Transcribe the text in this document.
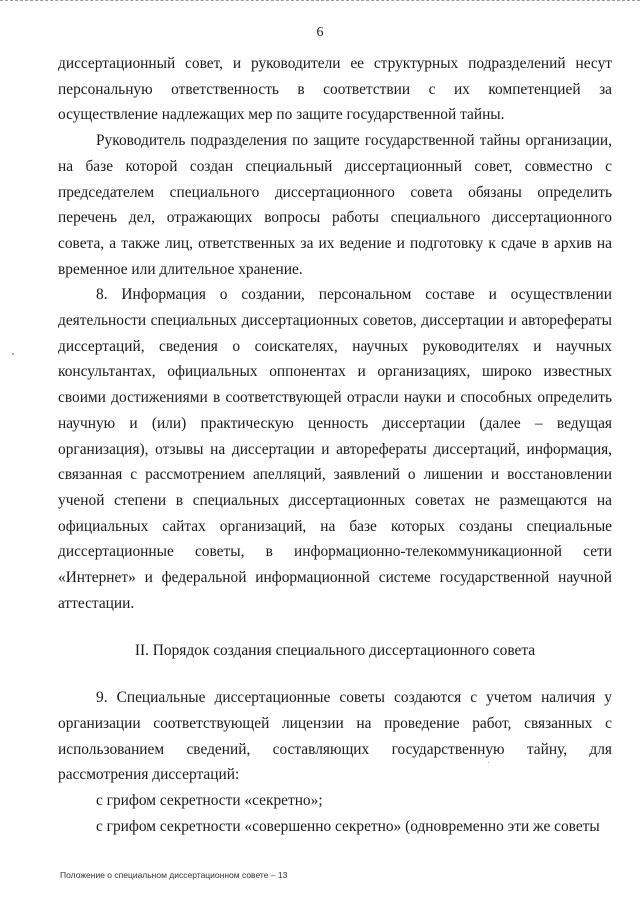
6

диссертационный совет, и руководители ее структурных подразделений несут персональную ответственность в соответствии с их компетенцией за осуществление надлежащих мер по защите государственной тайны.

Руководитель подразделения по защите государственной тайны организации, на базе которой создан специальный диссертационный совет, совместно с председателем специального диссертационного совета обязаны определить перечень дел, отражающих вопросы работы специального диссертационного совета, а также лиц, ответственных за их ведение и подготовку к сдаче в архив на временное или длительное хранение.

8. Информация о создании, персональном составе и осуществлении деятельности специальных диссертационных советов, диссертации и авторефераты диссертаций, сведения о соискателях, научных руководителях и научных консультантах, официальных оппонентах и организациях, широко известных своими достижениями в соответствующей отрасли науки и способных определить научную и (или) практическую ценность диссертации (далее – ведущая организация), отзывы на диссертации и авторефераты диссертаций, информация, связанная с рассмотрением апелляций, заявлений о лишении и восстановлении ученой степени в специальных диссертационных советах не размещаются на официальных сайтах организаций, на базе которых созданы специальные диссертационные советы, в информационно-телекоммуникационной сети «Интернет» и федеральной информационной системе государственной научной аттестации.

II. Порядок создания специального диссертационного совета

9. Специальные диссертационные советы создаются с учетом наличия у организации соответствующей лицензии на проведение работ, связанных с использованием сведений, составляющих государственную тайну, для рассмотрения диссертаций:

с грифом секретности «секретно»;

с грифом секретности «совершенно секретно» (одновременно эти же советы

Положение о специальном диссертационном совете – 13
